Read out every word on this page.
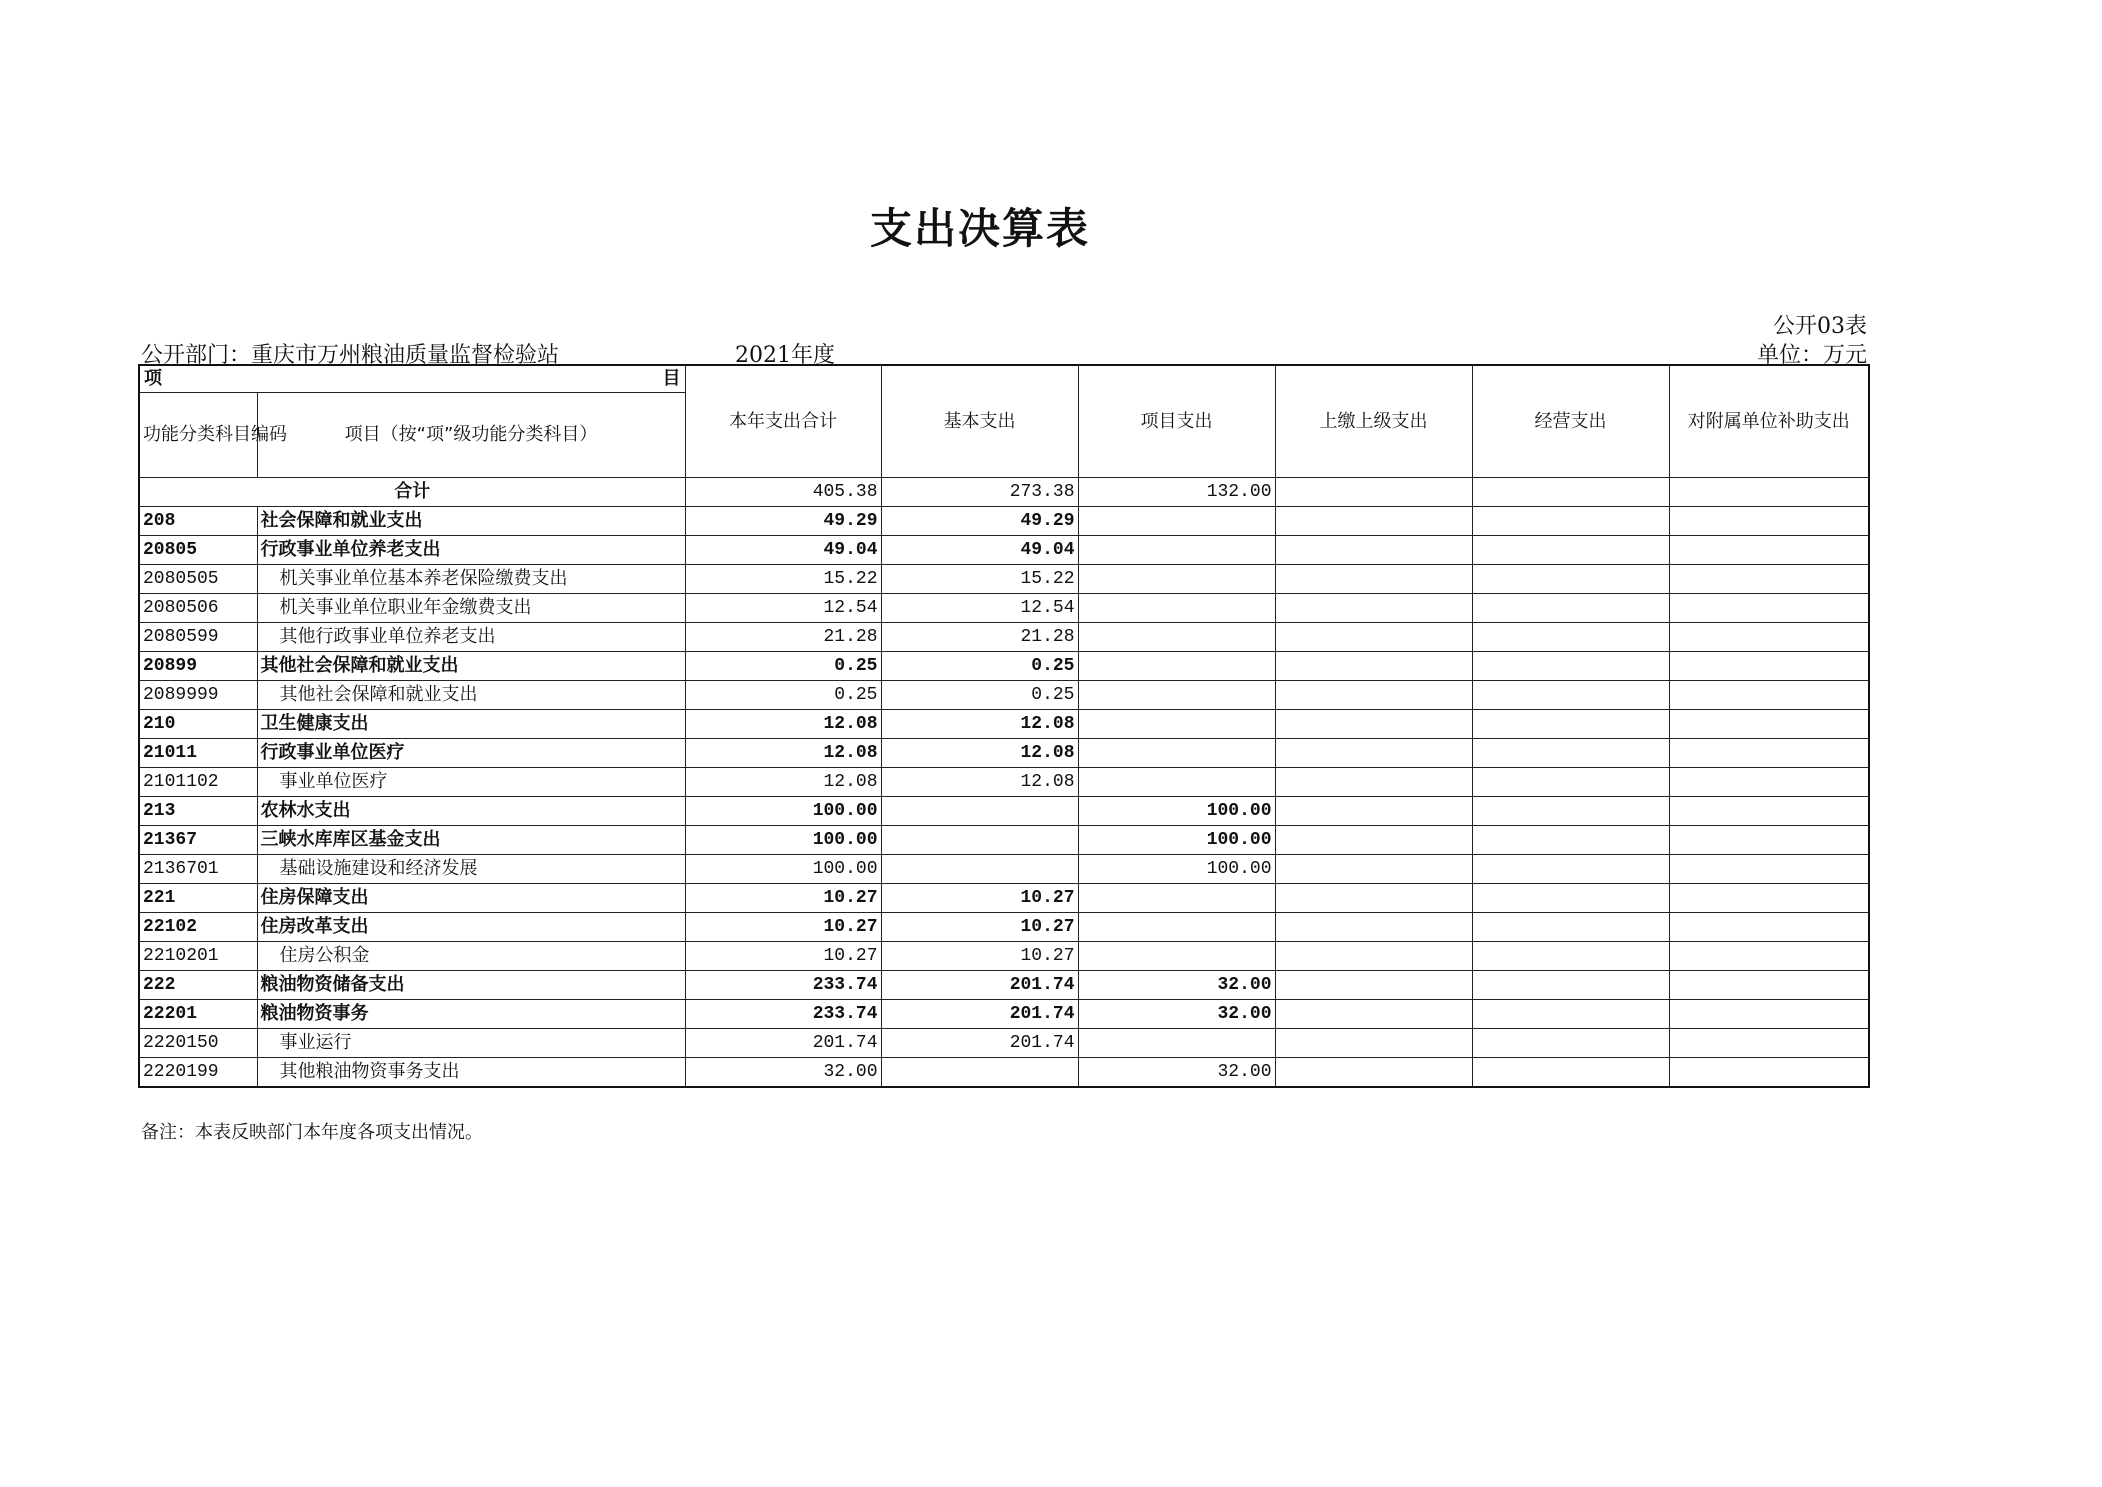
支出决算表
公开03表
公开部门：重庆市万州粮油质量监督检验站	2021年度	单位：万元
项 目		本年支出合计	基本支出	项目支出	上缴上级支出	经营支出	对附属单位补助支出
功能分类科目编码	项目（按“项”级功能分类科目）						
合计		405.38	273.38	132.00			
208	社会保障和就业支出	49.29	49.29				
20805	行政事业单位养老支出	49.04	49.04				
2080505	机关事业单位基本养老保险缴费支出	15.22	15.22				
2080506	机关事业单位职业年金缴费支出	12.54	12.54				
2080599	其他行政事业单位养老支出	21.28	21.28				
20899	其他社会保障和就业支出	0.25	0.25				
2089999	其他社会保障和就业支出	0.25	0.25				
210	卫生健康支出	12.08	12.08				
21011	行政事业单位医疗	12.08	12.08				
2101102	事业单位医疗	12.08	12.08				
213	农林水支出	100.00		100.00			
21367	三峡水库库区基金支出	100.00		100.00			
2136701	基础设施建设和经济发展	100.00		100.00			
221	住房保障支出	10.27	10.27				
22102	住房改革支出	10.27	10.27				
2210201	住房公积金	10.27	10.27				
222	粮油物资储备支出	233.74	201.74	32.00			
22201	粮油物资事务	233.74	201.74	32.00			
2220150	事业运行	201.74	201.74				
2220199	其他粮油物资事务支出	32.00		32.00			
备注：本表反映部门本年度各项支出情况。
